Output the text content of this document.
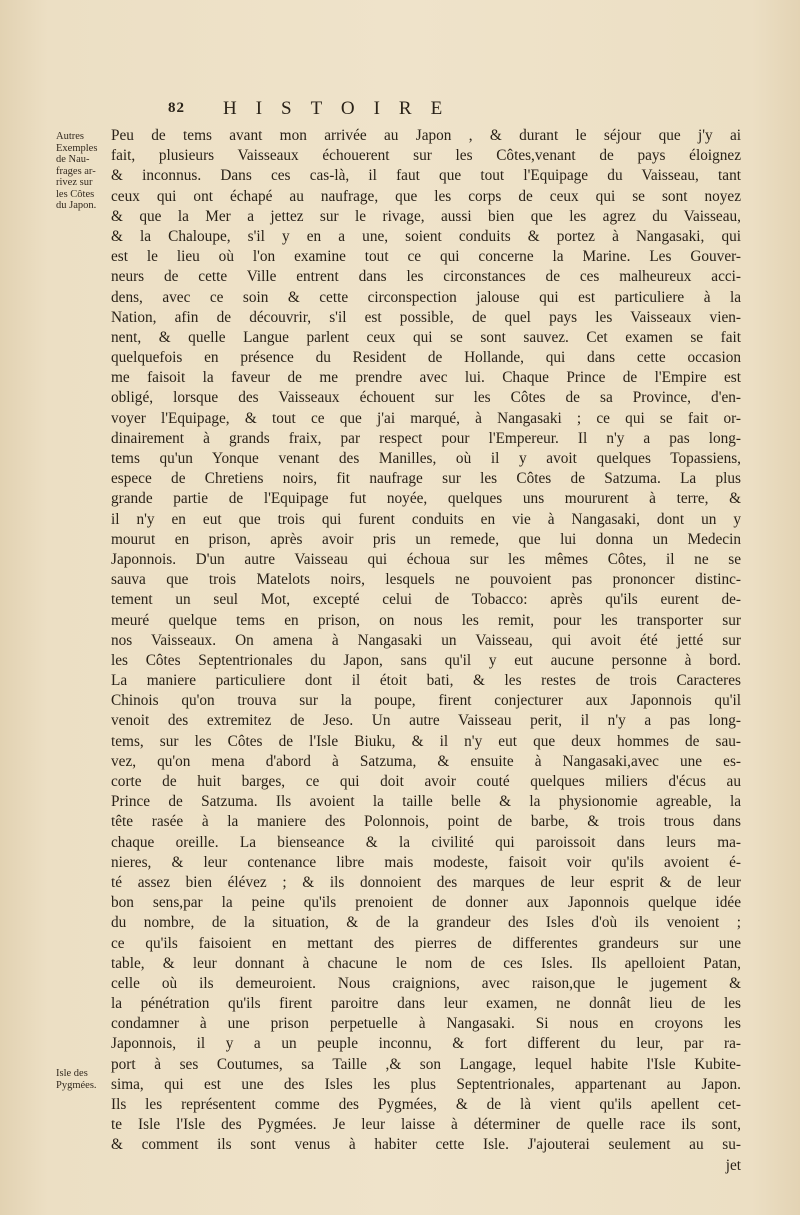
82 HISTOIRE
Autres Exemples de Nau-frages ar-rivez sur les Côtes du Japon.
Isle des Pygmées.
Peu de tems avant mon arrivée au Japon , & durant le séjour que j'y ai
fait, plusieurs Vaisseaux échouerent sur les Côtes,venant de pays éloignez
& inconnus. Dans ces cas-là, il faut que tout l'Equipage du Vaisseau, tant
ceux qui ont échapé au naufrage, que les corps de ceux qui se sont noyez
& que la Mer a jettez sur le rivage, aussi bien que les agrez du Vaisseau,
& la Chaloupe, s'il y en a une, soient conduits & portez à Nangasaki, qui
est le lieu où l'on examine tout ce qui concerne la Marine. Les Gouver-
neurs de cette Ville entrent dans les circonstances de ces malheureux acci-
dens, avec ce soin & cette circonspection jalouse qui est particuliere à la
Nation, afin de découvrir, s'il est possible, de quel pays les Vaisseaux vien-
nent, & quelle Langue parlent ceux qui se sont sauvez. Cet examen se fait
quelquefois en présence du Resident de Hollande, qui dans cette occasion
me faisoit la faveur de me prendre avec lui. Chaque Prince de l'Empire est
obligé, lorsque des Vaisseaux échouent sur les Côtes de sa Province, d'en-
voyer l'Equipage, & tout ce que j'ai marqué, à Nangasaki ; ce qui se fait or-
dinairement à grands fraix, par respect pour l'Empereur. Il n'y a pas long-
tems qu'un Yonque venant des Manilles, où il y avoit quelques Topassiens,
espece de Chretiens noirs, fit naufrage sur les Côtes de Satzuma. La plus
grande partie de l'Equipage fut noyée, quelques uns moururent à terre, &
il n'y en eut que trois qui furent conduits en vie à Nangasaki, dont un y
mourut en prison, après avoir pris un remede, que lui donna un Medecin
Japonnois. D'un autre Vaisseau qui échoua sur les mêmes Côtes, il ne se
sauva que trois Matelots noirs, lesquels ne pouvoient pas prononcer distinc-
tement un seul Mot, excepté celui de Tobacco: après qu'ils eurent de-
meuré quelque tems en prison, on nous les remit, pour les transporter sur
nos Vaisseaux. On amena à Nangasaki un Vaisseau, qui avoit été jetté sur
les Côtes Septentrionales du Japon, sans qu'il y eut aucune personne à bord.
La maniere particuliere dont il étoit bati, & les restes de trois Caracteres
Chinois qu'on trouva sur la poupe, firent conjecturer aux Japonnois qu'il
venoit des extremitez de Jeso. Un autre Vaisseau perit, il n'y a pas long-
tems, sur les Côtes de l'Isle Biuku, & il n'y eut que deux hommes de sau-
vez, qu'on mena d'abord à Satzuma, & ensuite à Nangasaki,avec une es-
corte de huit barges, ce qui doit avoir couté quelques miliers d'écus au
Prince de Satzuma. Ils avoient la taille belle & la physionomie agreable, la
tête rasée à la maniere des Polonnois, point de barbe, & trois trous dans
chaque oreille. La bienseance & la civilité qui paroissoit dans leurs ma-
nieres, & leur contenance libre mais modeste, faisoit voir qu'ils avoient é-
té assez bien élévez ; & ils donnoient des marques de leur esprit & de leur
bon sens,par la peine qu'ils prenoient de donner aux Japonnois quelque idée
du nombre, de la situation, & de la grandeur des Isles d'où ils venoient ;
ce qu'ils faisoient en mettant des pierres de differentes grandeurs sur une
table, & leur donnant à chacune le nom de ces Isles. Ils apelloient Patan,
celle où ils demeuroient. Nous craignions, avec raison,que le jugement &
la pénétration qu'ils firent paroitre dans leur examen, ne donnât lieu de les
condamner à une prison perpetuelle à Nangasaki. Si nous en croyons les
Japonnois, il y a un peuple inconnu, & fort different du leur, par ra-
port à ses Coutumes, sa Taille ,& son Langage, lequel habite l'Isle Kubite-
sima, qui est une des Isles les plus Septentrionales, appartenant au Japon.
Ils les représentent comme des Pygmées, & de là vient qu'ils apellent cet-
te Isle l'Isle des Pygmées. Je leur laisse à déterminer de quelle race ils sont,
& comment ils sont venus à habiter cette Isle. J'ajouterai seulement au su-
jet
